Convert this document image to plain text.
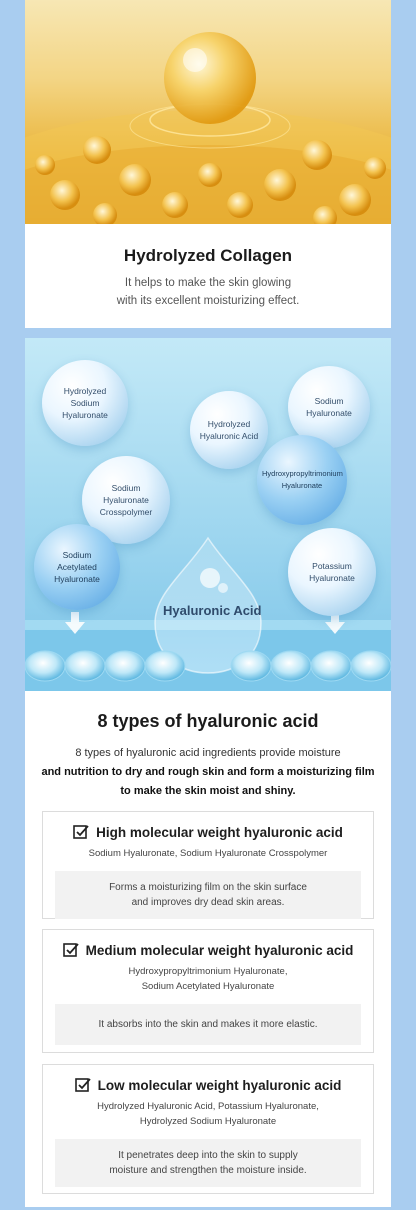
Hydrolyzed Collagen
It helps to make the skin glowing
with its excellent moisturizing effect.
Hydrolyzed Sodium Hyaluronate
Hydrolyzed Hyaluronic Acid
Sodium Hyaluronate
Sodium Hyaluronate Crosspolymer
Hydroxypropyltrimonium Hyaluronate
Sodium Acetylated Hyaluronate
Potassium Hyaluronate
Hyaluronic Acid
8 types of hyaluronic acid
8 types of hyaluronic acid ingredients provide moisture
and nutrition to dry and rough skin and form a moisturizing film
to make the skin moist and shiny.
High molecular weight hyaluronic acid
Sodium Hyaluronate, Sodium Hyaluronate Crosspolymer
Forms a moisturizing film on the skin surface
and improves dry dead skin areas.
Medium molecular weight hyaluronic acid
Hydroxypropyltrimonium Hyaluronate,
Sodium Acetylated Hyaluronate
It absorbs into the skin and makes it more elastic.
Low molecular weight hyaluronic acid
Hydrolyzed Hyaluronic Acid, Potassium Hyaluronate,
Hydrolyzed Sodium Hyaluronate
It penetrates deep into the skin to supply
moisture and strengthen the moisture inside.
